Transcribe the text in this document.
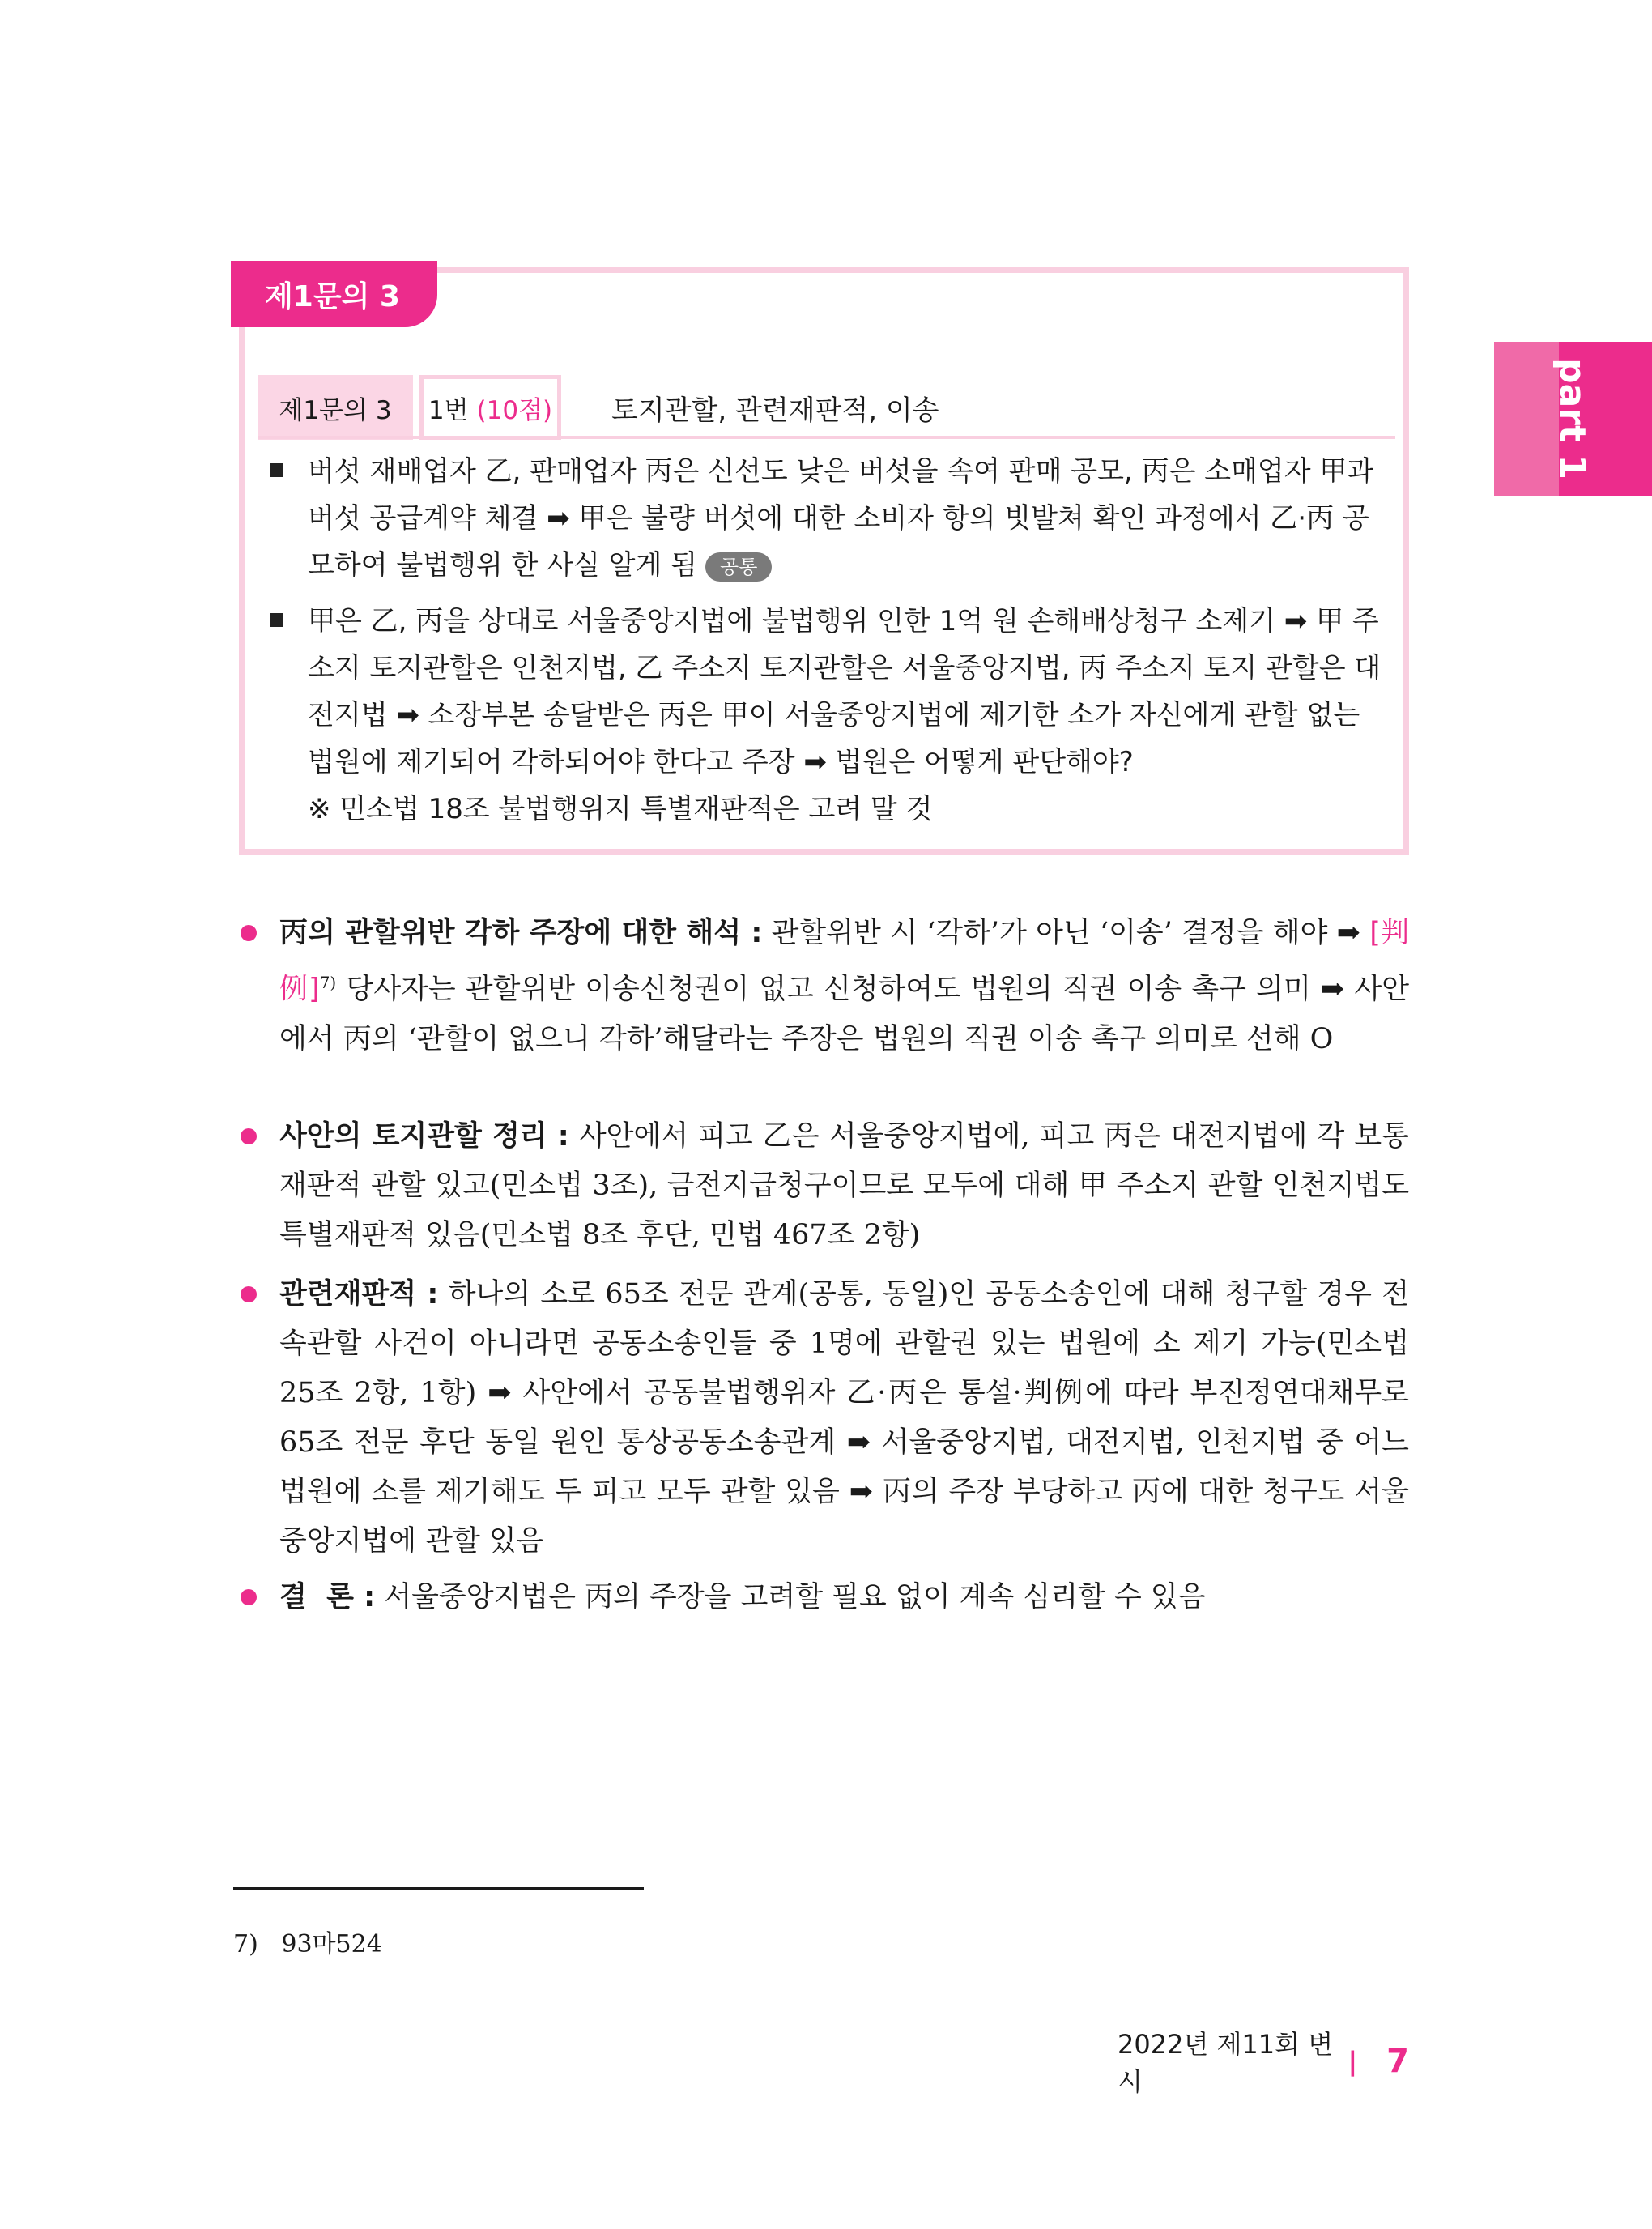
part 1
제1문의 3
제1문의 3	1번 (10점) 토지관할, 관련재판적, 이송
버섯 재배업자 乙, 판매업자 丙은 신선도 낮은 버섯을 속여 판매 공모, 丙은 소매업자 甲과 버섯 공급계약 체결 ➡ 甲은 불량 버섯에 대한 소비자 항의 빗발쳐 확인 과정에서 乙·丙 공모하여 불법행위 한 사실 알게 됨 공통
甲은 乙, 丙을 상대로 서울중앙지법에 불법행위 인한 1억 원 손해배상청구 소제기 ➡ 甲 주소지 토지관할은 인천지법, 乙 주소지 토지관할은 서울중앙지법, 丙 주소지 토지 관할은 대전지법 ➡ 소장부본 송달받은 丙은 甲이 서울중앙지법에 제기한 소가 자신에게 관할 없는 법원에 제기되어 각하되어야 한다고 주장 ➡ 법원은 어떻게 판단해야?
※ 민소법 18조 불법행위지 특별재판적은 고려 말 것
丙의 관할위반 각하 주장에 대한 해석 : 관할위반 시 ‘각하’가 아닌 ‘이송’ 결정을 해야 ➡ [判例]$^{7)}$ 당사자는 관할위반 이송신청권이 없고 신청하여도 법원의 직권 이송 촉구 의미 ➡ 사안에서 丙의 ‘관할이 없으니 각하’해달라는 주장은 법원의 직권 이송 촉구 의미로 선해 O
사안의 토지관할 정리 : 사안에서 피고 乙은 서울중앙지법에, 피고 丙은 대전지법에 각 보통재판적 관할 있고(민소법 3조), 금전지급청구이므로 모두에 대해 甲 주소지 관할 인천지법도 특별재판적 있음(민소법 8조 후단, 민법 467조 2항)
관련재판적 : 하나의 소로 65조 전문 관계(공통, 동일)인 공동소송인에 대해 청구할 경우 전속관할 사건이 아니라면 공동소송인들 중 1명에 관할권 있는 법원에 소 제기 가능(민소법 25조 2항, 1항) ➡ 사안에서 공동불법행위자 乙·丙은 통설·判例에 따라 부진정연대채무로 65조 전문 후단 동일 원인 통상공동소송관계 ➡ 서울중앙지법, 대전지법, 인천지법 중 어느 법원에 소를 제기해도 두 피고 모두 관할 있음 ➡ 丙의 주장 부당하고 丙에 대한 청구도 서울중앙지법에 관할 있음
결  론 : 서울중앙지법은 丙의 주장을 고려할 필요 없이 계속 심리할 수 있음
7)   93마524
2022년 제11회 변시
| 7
